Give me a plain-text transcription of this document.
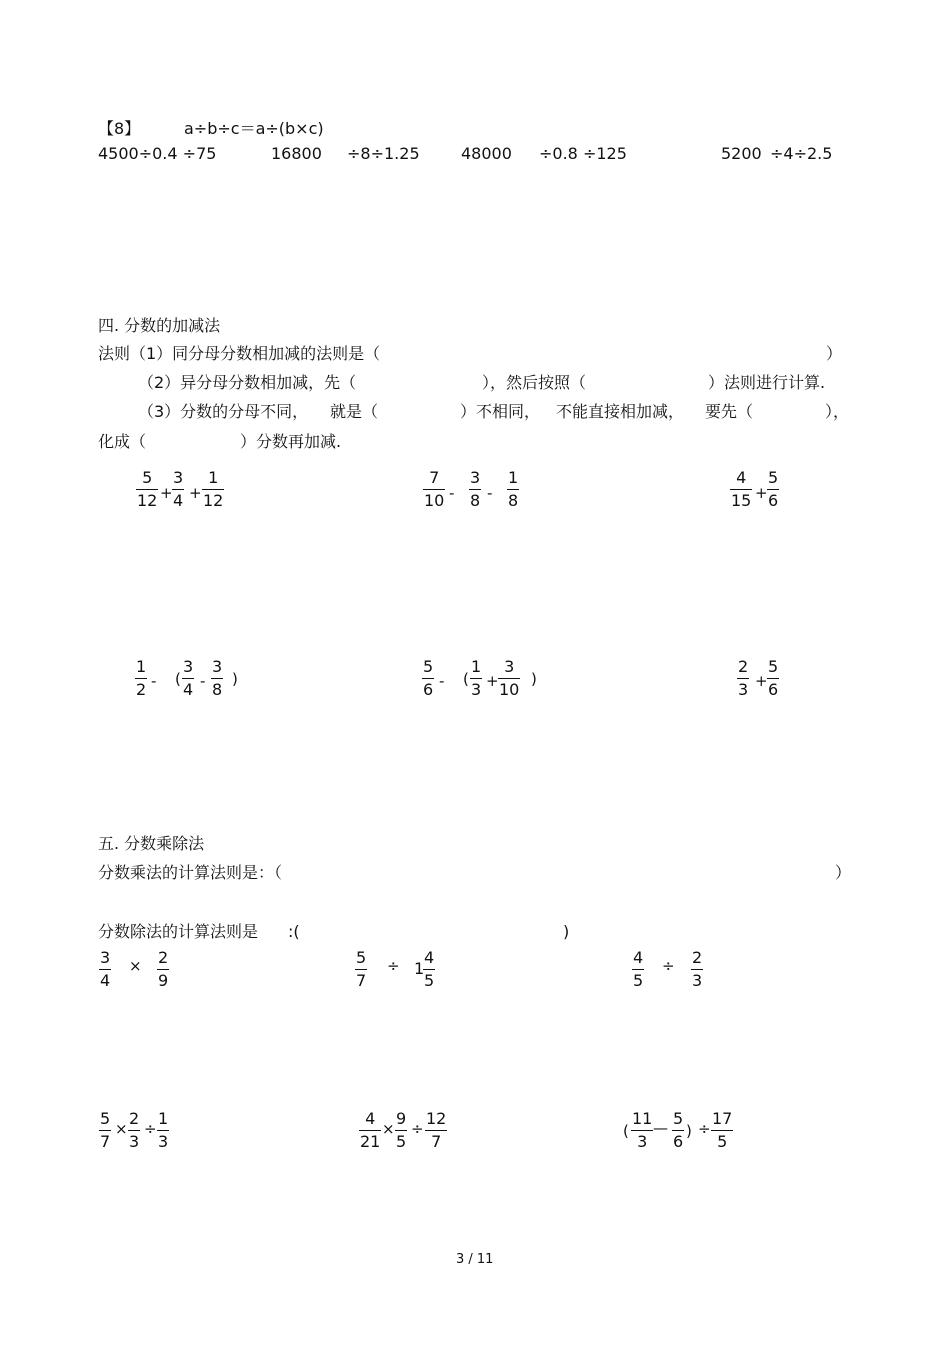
【8】	a÷b÷c＝a÷(b×c)
4500÷0.4 ÷75	16800 ÷8÷1.25	48000 ÷0.8 ÷125	5200 ÷4÷2.5
四. 分数的加减法
法则（1）同分母分数相加减的法则是（	）
（2）异分母分数相加减，先（	），然后按照（	）法则进行计算.
（3）分数的分母不同， 就是（	）不相同， 不能直接相加减， 要先（	），
化成（	）分数再加减.
5
12 +
3
4 +
1
12
7
10 -
3
8 -
1
8
4
15 +
5
6
1
2 - (
3
4 -
3
8
)
5
6 - (
1
3 +
3
10
)
2
3 +
5
6
五. 分数乘除法
分数乘法的计算法则是：（	）
分数除法的计算法则是 :(	)
3
4
× 2
9
5
7
÷ 1
4
5
4
5
÷ 2
3
5
7
×
2
3
÷
1
3
4
21
×
9
5
÷
12
7
(
11
3
— 5
6
) ÷
17
5
3 / 11
